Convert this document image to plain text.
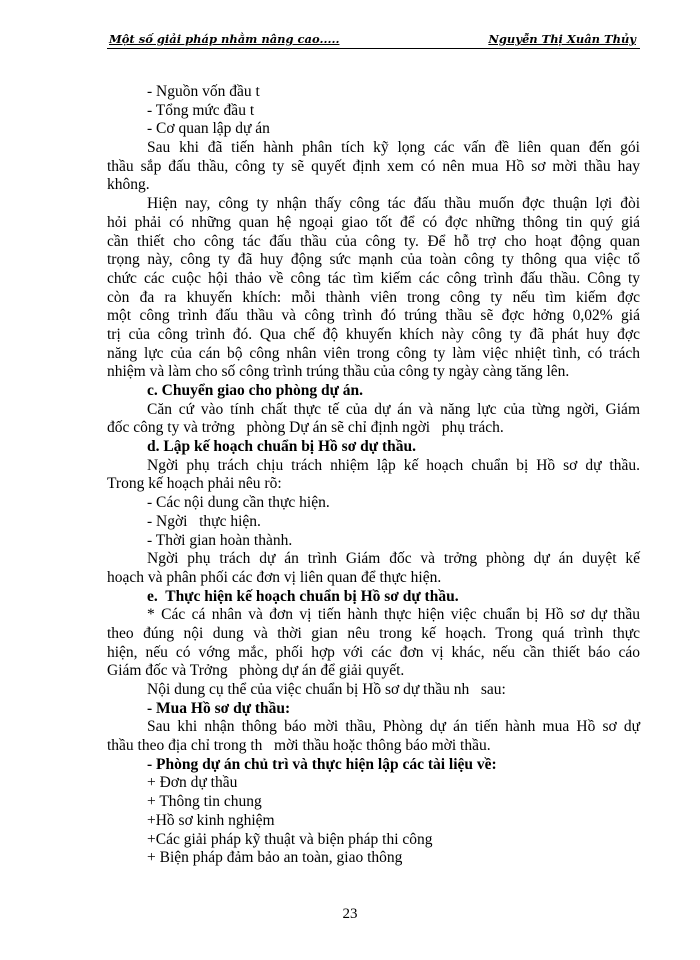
Một số giải pháp nhằm nâng cao.....	Nguyễn Thị Xuân Thủy
- Nguồn vốn đầu t
- Tổng mức đầu t
- Cơ quan lập dự án
Sau khi đã tiến hành phân tích kỹ lọng các vấn đề liên quan đến gói
thầu sắp đấu thầu, công ty sẽ quyết định xem có nên mua Hồ sơ mời thầu hay
không.
Hiện nay, công ty nhận thấy công tác đấu thầu muốn đợc thuận lợi đòi
hỏi phải có những quan hệ ngoại giao tốt để có đợc những thông tin quý giá
cần thiết cho công tác đấu thầu của công ty. Để hỗ trợ cho hoạt động quan
trọng này, công ty đã huy động sức mạnh của toàn công ty thông qua việc tổ
chức các cuộc hội thảo về công tác tìm kiếm các công trình đấu thầu. Công ty
còn đa ra khuyến khích: mỗi thành viên trong công ty nếu tìm kiếm đợc
một công trình đấu thầu và công trình đó trúng thầu sẽ đợc hởng 0,02% giá
trị của công trình đó. Qua chế độ khuyến khích này công ty đã phát huy đợc
năng lực của cán bộ công nhân viên trong công ty làm việc nhiệt tình, có trách
nhiệm và làm cho số công trình trúng thầu của công ty ngày càng tăng lên.
c. Chuyển giao cho phòng dự án.
Căn cứ vào tính chất thực tế của dự án và năng lực của từng ngời, Giám
đốc công ty và trởng   phòng Dự án sẽ chỉ định ngời   phụ trách.
d. Lập kế hoạch chuẩn bị Hồ sơ dự thầu.
Ngời phụ trách chịu trách nhiệm lập kế hoạch chuẩn bị Hồ sơ dự thầu.
Trong kế hoạch phải nêu rõ:
- Các nội dung cần thực hiện.
- Ngời   thực hiện.
- Thời gian hoàn thành.
Ngời phụ trách dự án trình Giám đốc và trởng phòng dự án duyệt kế
hoạch và phân phối các đơn vị liên quan để thực hiện.
e.  Thực hiện kế hoạch chuẩn bị Hồ sơ dự thầu.
* Các cá nhân và đơn vị tiến hành thực hiện việc chuẩn bị Hồ sơ dự thầu
theo đúng nội dung và thời gian nêu trong kế hoạch. Trong quá trình thực
hiện, nếu có vớng mắc, phối hợp với các đơn vị khác, nếu cần thiết báo cáo
Giám đốc và Trởng   phòng dự án để giải quyết.
Nội dung cụ thể của việc chuẩn bị Hồ sơ dự thầu nh   sau:
- Mua Hồ sơ dự thầu:
Sau khi nhận thông báo mời thầu, Phòng dự án tiến hành mua Hồ sơ dự
thầu theo địa chỉ trong th   mời thầu hoặc thông báo mời thầu.
- Phòng dự án chủ trì và thực hiện lập các tài liệu về:
+ Đơn dự thầu
+ Thông tin chung
+Hồ sơ kinh nghiệm
+Các giải pháp kỹ thuật và biện pháp thi công
+ Biện pháp đảm bảo an toàn, giao thông
23
